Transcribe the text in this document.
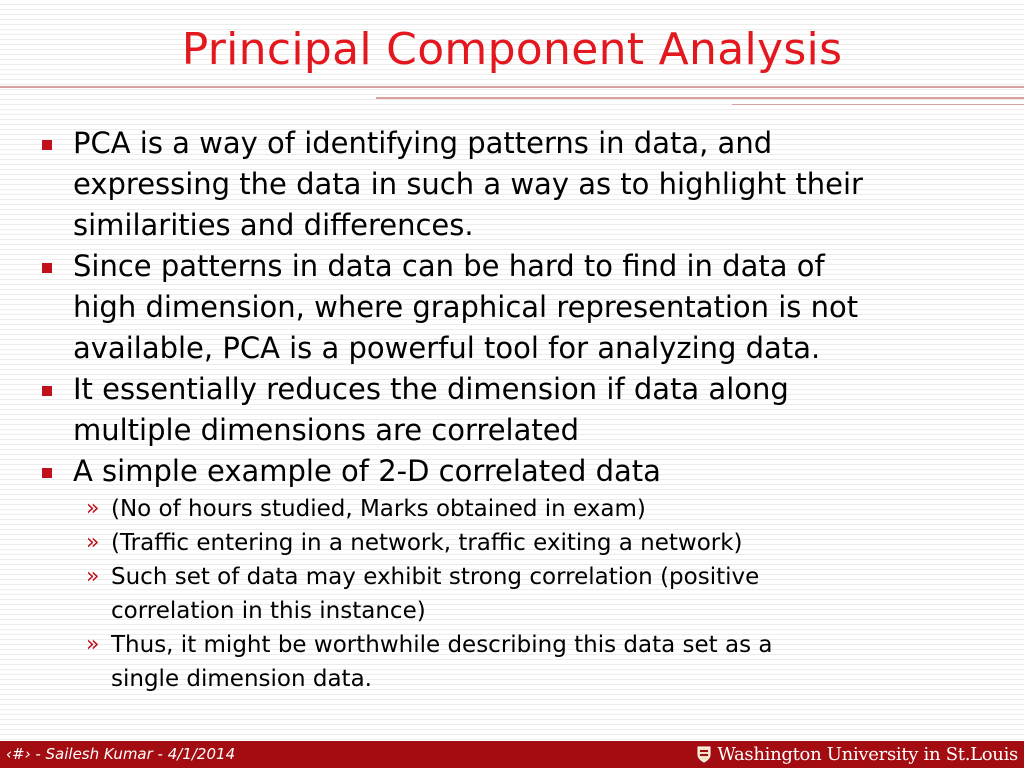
Principal Component Analysis

PCA is a way of identifying patterns in data, and

expressing the data in such a way as to highlight their

similarities and differences.

Since patterns in data can be hard to find in data of

high dimension, where graphical representation is not

available, PCA is a powerful tool for analyzing data.

It essentially reduces the dimension if data along

multiple dimensions are correlated

A simple example of 2-D correlated data

» (No of hours studied, Marks obtained in exam)

» (Traffic entering in a network, traffic exiting a network)

» Such set of data may exhibit strong correlation (positive

correlation in this instance)

» Thus, it might be worthwhile describing this data set as a

single dimension data.

‹#› - Sailesh Kumar - 4/1/2014	Washington University in St.Louis
